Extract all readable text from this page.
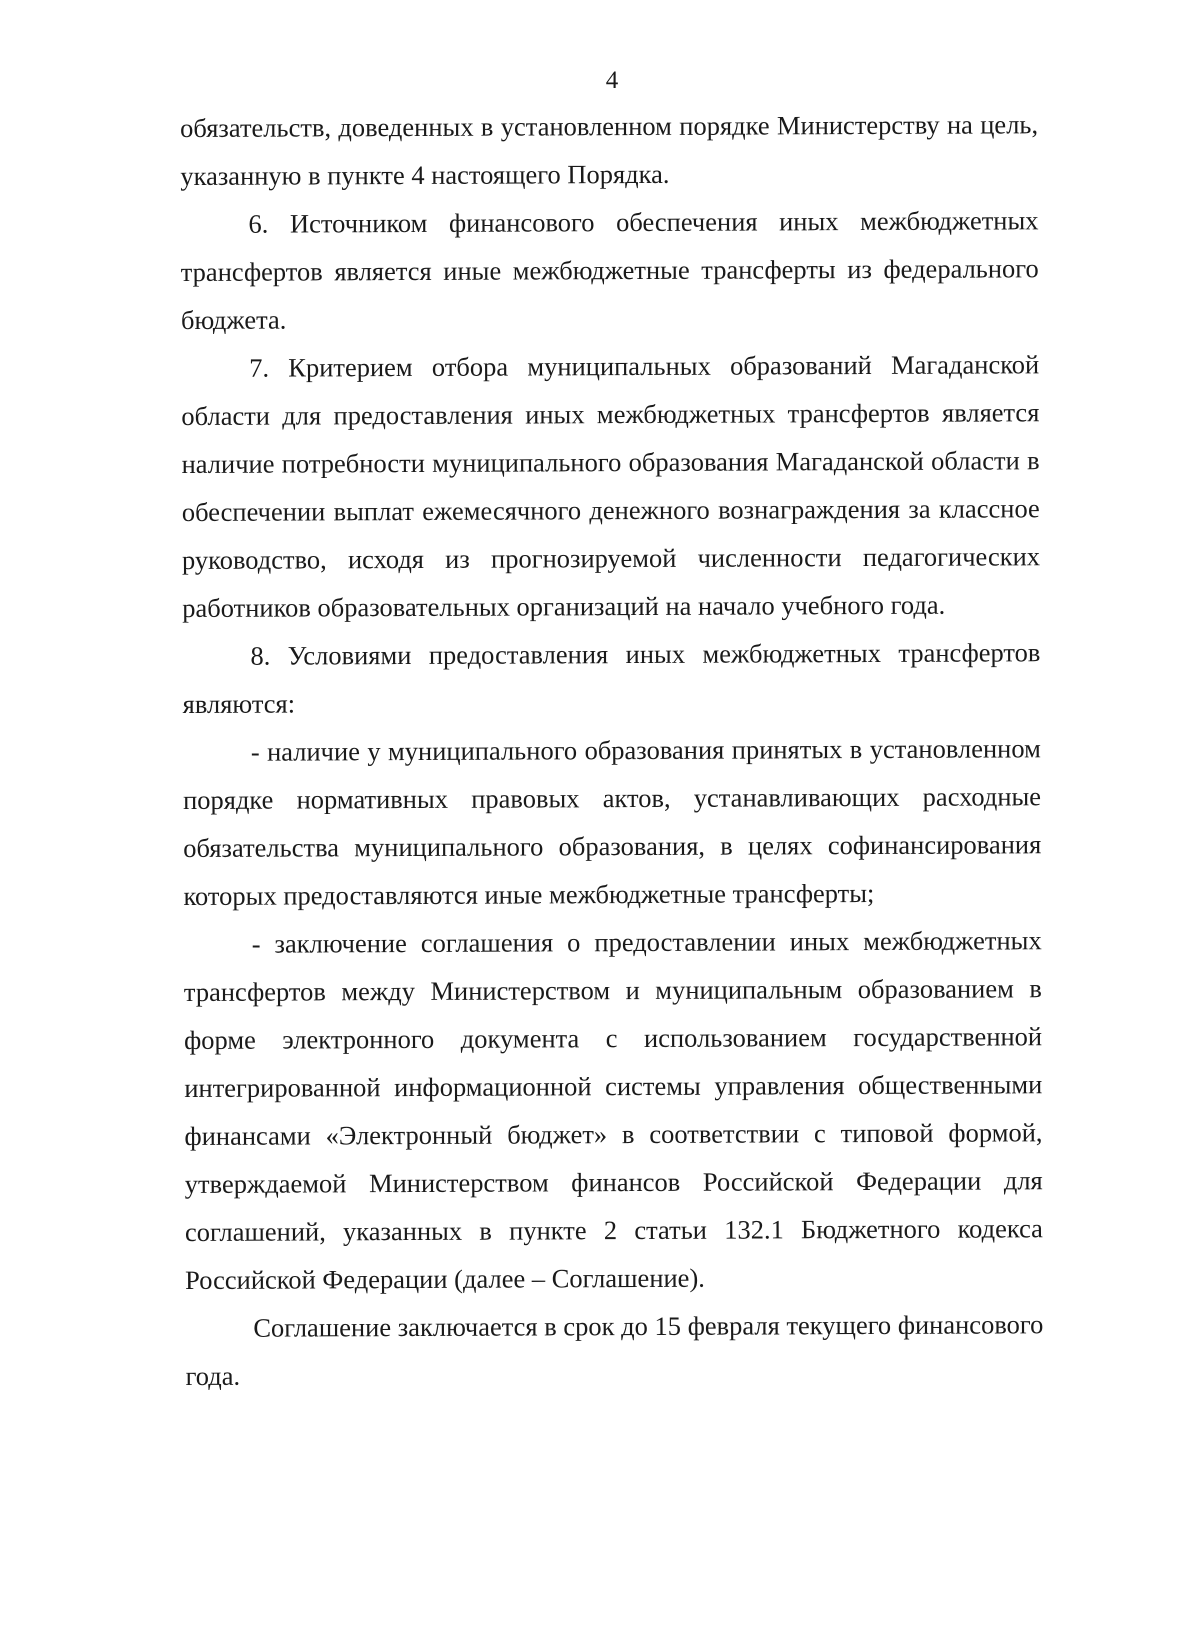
4

обязательств, доведенных в установленном порядке Министерству на цель, указанную в пункте 4 настоящего Порядка.

6. Источником финансового обеспечения иных межбюджетных трансфертов является иные межбюджетные трансферты из федерального бюджета.

7. Критерием отбора муниципальных образований Магаданской области для предоставления иных межбюджетных трансфертов является наличие потребности муниципального образования Магаданской области в обеспечении выплат ежемесячного денежного вознаграждения за классное руководство, исходя из прогнозируемой численности педагогических работников образовательных организаций на начало учебного года.

8. Условиями предоставления иных межбюджетных трансфертов являются:

- наличие у муниципального образования принятых в установленном порядке нормативных правовых актов, устанавливающих расходные обязательства муниципального образования, в целях софинансирования которых предоставляются иные межбюджетные трансферты;

- заключение соглашения о предоставлении иных межбюджетных трансфертов между Министерством и муниципальным образованием в форме электронного документа с использованием государственной интегрированной информационной системы управления общественными финансами «Электронный бюджет» в соответствии с типовой формой, утверждаемой Министерством финансов Российской Федерации для соглашений, указанных в пункте 2 статьи 132.1 Бюджетного кодекса Российской Федерации (далее – Соглашение).

Соглашение заключается в срок до 15 февраля текущего финансового года.
